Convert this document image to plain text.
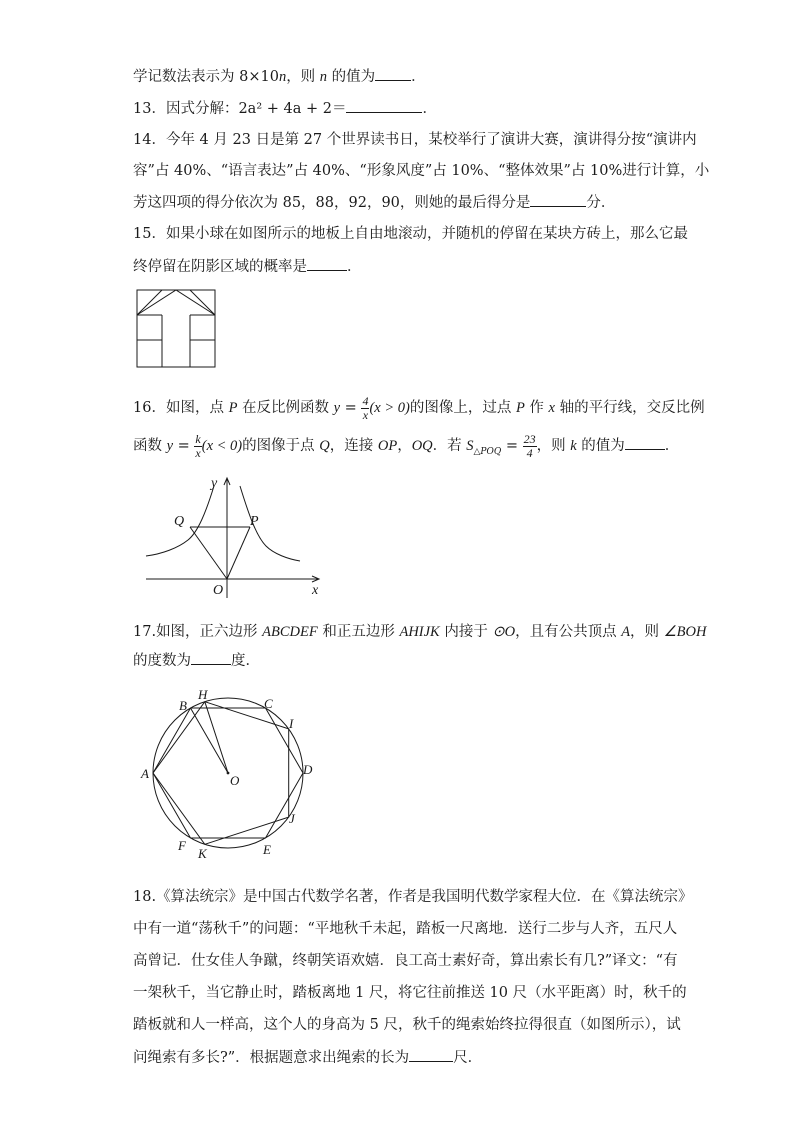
学记数法表示为 8×10n，则 n 的值为 ．
13．因式分解：2a² + 4a + 2＝	．
14．今年 4 月 23 日是第 27 个世界读书日，某校举行了演讲大赛，演讲得分按“演讲内
容”占 40%、“语言表达”占 40%、“形象风度”占 10%、“整体效果”占 10%进行计算，小
芳这四项的得分依次为 85，88，92，90，则她的最后得分是	分．
15．如果小球在如图所示的地板上自由地滚动，并随机的停留在某块方砖上，那么它最
终停留在阴影区域的概率是	．
16．如图，点 P 在反比例函数 $y = \frac{4}{x} (x > 0)$的图像上，过点 P 作 x 轴的平行线，交反比例
函数 $y = \frac{k}{x} (x < 0)$的图像于点 Q，连接 OP，OQ．若 $S_{\triangle POQ} = \frac{23}{4}$ ，则 k 的值为	．
y
x
Q	P
O
17.如图，正六边形 ABCDEF 和正五边形 AHIJK 内接于 ⊙O，且有公共顶点 A，则 ∠BOH
的度数为	度．
A
B
H
C
I
D
J
E
K
F
O
18.《算法统宗》是中国古代数学名著，作者是我国明代数学家程大位．在《算法统宗》
中有一道“荡秋千”的问题：“平地秋千未起，踏板一尺离地．送行二步与人齐，五尺人
高曾记．仕女佳人争蹴，终朝笑语欢嬉．良工高士素好奇，算出索长有几?”译文：“有
一架秋千，当它静止时，踏板离地 1 尺，将它往前推送 10 尺（水平距离）时，秋千的
踏板就和人一样高，这个人的身高为 5 尺，秋千的绳索始终拉得很直（如图所示），试
问绳索有多长?”．根据题意求出绳索的长为	尺．
